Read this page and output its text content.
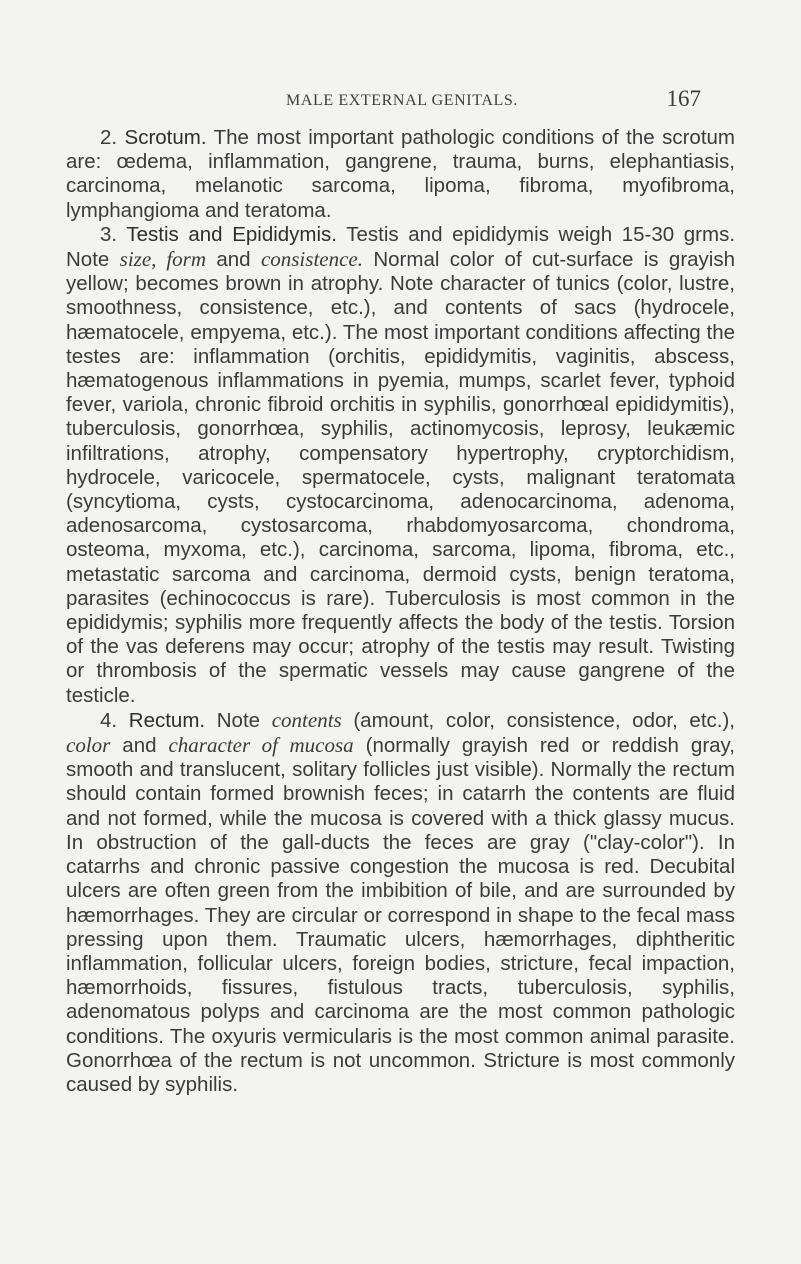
MALE EXTERNAL GENITALS.	167

2. Scrotum. The most important pathologic conditions of the scrotum are: œdema, inflammation, gangrene, trauma, burns, elephantiasis, carcinoma, melanotic sarcoma, lipoma, fibroma, myofibroma, lymphangioma and teratoma.

3. Testis and Epididymis. Testis and epididymis weigh 15-30 grms. Note size, form and consistence. Normal color of cut-surface is grayish yellow; becomes brown in atrophy. Note character of tunics (color, lustre, smoothness, consistence, etc.), and contents of sacs (hydrocele, hæmatocele, empyema, etc.). The most important conditions affecting the testes are: inflammation (orchitis, epididymitis, vaginitis, abscess, hæmatogenous inflammations in pyemia, mumps, scarlet fever, typhoid fever, variola, chronic fibroid orchitis in syphilis, gonorrhœal epididymitis), tuberculosis, gonorrhœa, syphilis, actinomycosis, leprosy, leukæmic infiltrations, atrophy, compensatory hypertrophy, cryptorchidism, hydrocele, varicocele, spermatocele, cysts, malignant teratomata (syncytioma, cysts, cystocarcinoma, adenocarcinoma, adenoma, adenosarcoma, cystosarcoma, rhabdomyosarcoma, chondroma, osteoma, myxoma, etc.), carcinoma, sarcoma, lipoma, fibroma, etc., metastatic sarcoma and carcinoma, dermoid cysts, benign teratoma, parasites (echinococcus is rare). Tuberculosis is most common in the epididymis; syphilis more frequently affects the body of the testis. Torsion of the vas deferens may occur; atrophy of the testis may result. Twisting or thrombosis of the spermatic vessels may cause gangrene of the testicle.

4. Rectum. Note contents (amount, color, consistence, odor, etc.), color and character of mucosa (normally grayish red or reddish gray, smooth and translucent, solitary follicles just visible). Normally the rectum should contain formed brownish feces; in catarrh the contents are fluid and not formed, while the mucosa is covered with a thick glassy mucus. In obstruction of the gall-ducts the feces are gray ("clay-color"). In catarrhs and chronic passive congestion the mucosa is red. Decubital ulcers are often green from the imbibition of bile, and are surrounded by hæmorrhages. They are circular or correspond in shape to the fecal mass pressing upon them. Traumatic ulcers, hæmorrhages, diphtheritic inflammation, follicular ulcers, foreign bodies, stricture, fecal impaction, hæmorrhoids, fissures, fistulous tracts, tuberculosis, syphilis, adenomatous polyps and carcinoma are the most common pathologic conditions. The oxyuris vermicularis is the most common animal parasite. Gonorrhœa of the rectum is not uncommon. Stricture is most commonly caused by syphilis.
